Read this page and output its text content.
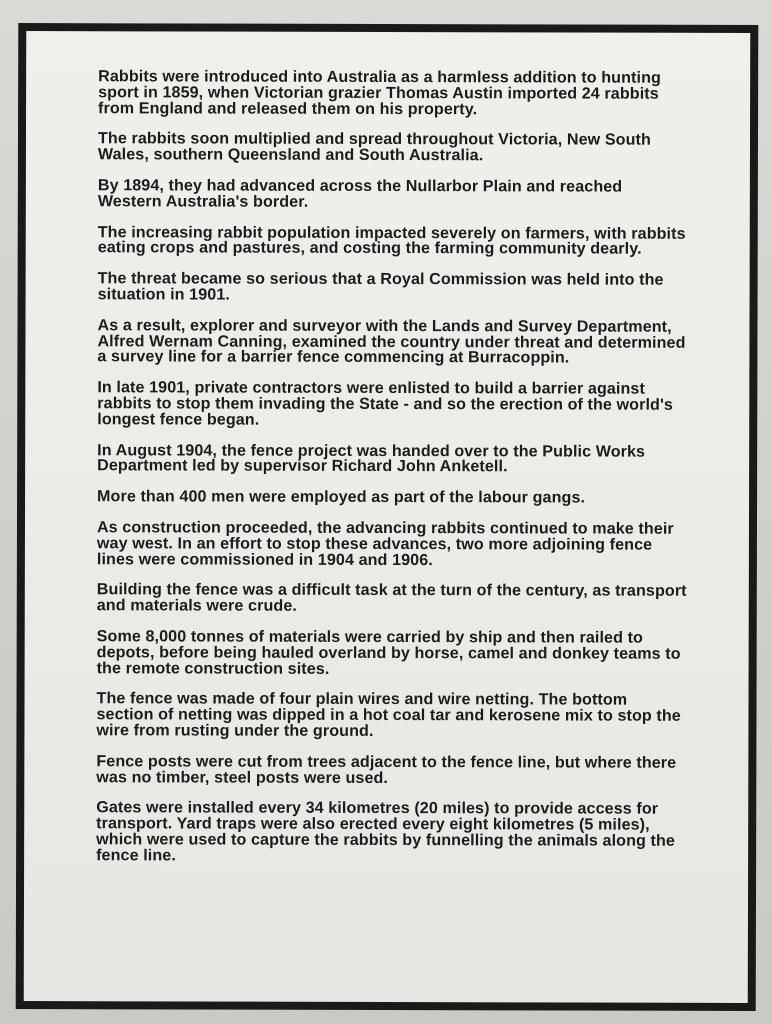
Rabbits were introduced into Australia as a harmless addition to hunting sport in 1859, when Victorian grazier Thomas Austin imported 24 rabbits from England and released them on his property.

The rabbits soon multiplied and spread throughout Victoria, New South Wales, southern Queensland and South Australia.

By 1894, they had advanced across the Nullarbor Plain and reached Western Australia's border.

The increasing rabbit population impacted severely on farmers, with rabbits eating crops and pastures, and costing the farming community dearly.

The threat became so serious that a Royal Commission was held into the situation in 1901.

As a result, explorer and surveyor with the Lands and Survey Department, Alfred Wernam Canning, examined the country under threat and determined a survey line for a barrier fence commencing at Burracoppin.

In late 1901, private contractors were enlisted to build a barrier against rabbits to stop them invading the State - and so the erection of the world's longest fence began.

In August 1904, the fence project was handed over to the Public Works Department led by supervisor Richard John Anketell.

More than 400 men were employed as part of the labour gangs.

As construction proceeded, the advancing rabbits continued to make their way west. In an effort to stop these advances, two more adjoining fence lines were commissioned in 1904 and 1906.

Building the fence was a difficult task at the turn of the century, as transport and materials were crude.

Some 8,000 tonnes of materials were carried by ship and then railed to depots, before being hauled overland by horse, camel and donkey teams to the remote construction sites.

The fence was made of four plain wires and wire netting. The bottom section of netting was dipped in a hot coal tar and kerosene mix to stop the wire from rusting under the ground.

Fence posts were cut from trees adjacent to the fence line, but where there was no timber, steel posts were used.

Gates were installed every 34 kilometres (20 miles) to provide access for transport. Yard traps were also erected every eight kilometres (5 miles), which were used to capture the rabbits by funnelling the animals along the fence line.
